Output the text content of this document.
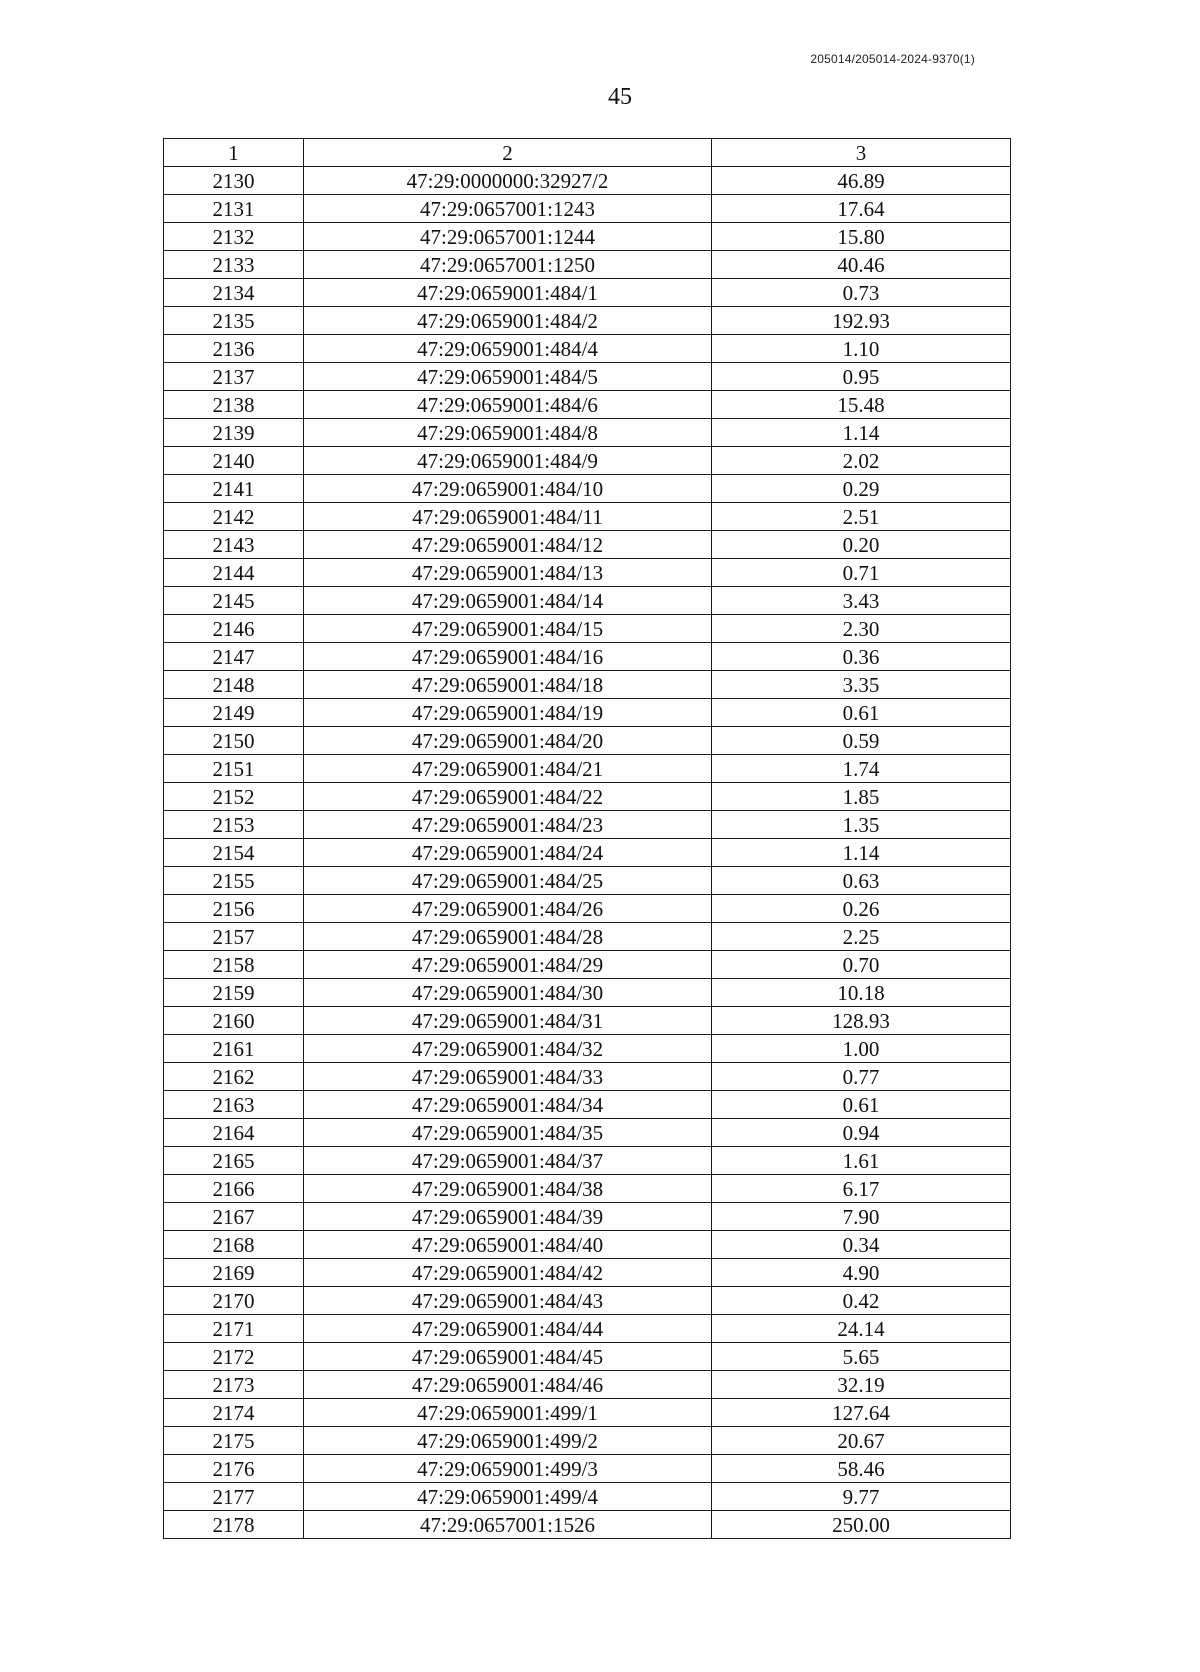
205014/205014-2024-9370(1)
45
1	2	3
2130	47:29:0000000:32927/2	46.89
2131	47:29:0657001:1243	17.64
2132	47:29:0657001:1244	15.80
2133	47:29:0657001:1250	40.46
2134	47:29:0659001:484/1	0.73
2135	47:29:0659001:484/2	192.93
2136	47:29:0659001:484/4	1.10
2137	47:29:0659001:484/5	0.95
2138	47:29:0659001:484/6	15.48
2139	47:29:0659001:484/8	1.14
2140	47:29:0659001:484/9	2.02
2141	47:29:0659001:484/10	0.29
2142	47:29:0659001:484/11	2.51
2143	47:29:0659001:484/12	0.20
2144	47:29:0659001:484/13	0.71
2145	47:29:0659001:484/14	3.43
2146	47:29:0659001:484/15	2.30
2147	47:29:0659001:484/16	0.36
2148	47:29:0659001:484/18	3.35
2149	47:29:0659001:484/19	0.61
2150	47:29:0659001:484/20	0.59
2151	47:29:0659001:484/21	1.74
2152	47:29:0659001:484/22	1.85
2153	47:29:0659001:484/23	1.35
2154	47:29:0659001:484/24	1.14
2155	47:29:0659001:484/25	0.63
2156	47:29:0659001:484/26	0.26
2157	47:29:0659001:484/28	2.25
2158	47:29:0659001:484/29	0.70
2159	47:29:0659001:484/30	10.18
2160	47:29:0659001:484/31	128.93
2161	47:29:0659001:484/32	1.00
2162	47:29:0659001:484/33	0.77
2163	47:29:0659001:484/34	0.61
2164	47:29:0659001:484/35	0.94
2165	47:29:0659001:484/37	1.61
2166	47:29:0659001:484/38	6.17
2167	47:29:0659001:484/39	7.90
2168	47:29:0659001:484/40	0.34
2169	47:29:0659001:484/42	4.90
2170	47:29:0659001:484/43	0.42
2171	47:29:0659001:484/44	24.14
2172	47:29:0659001:484/45	5.65
2173	47:29:0659001:484/46	32.19
2174	47:29:0659001:499/1	127.64
2175	47:29:0659001:499/2	20.67
2176	47:29:0659001:499/3	58.46
2177	47:29:0659001:499/4	9.77
2178	47:29:0657001:1526	250.00
